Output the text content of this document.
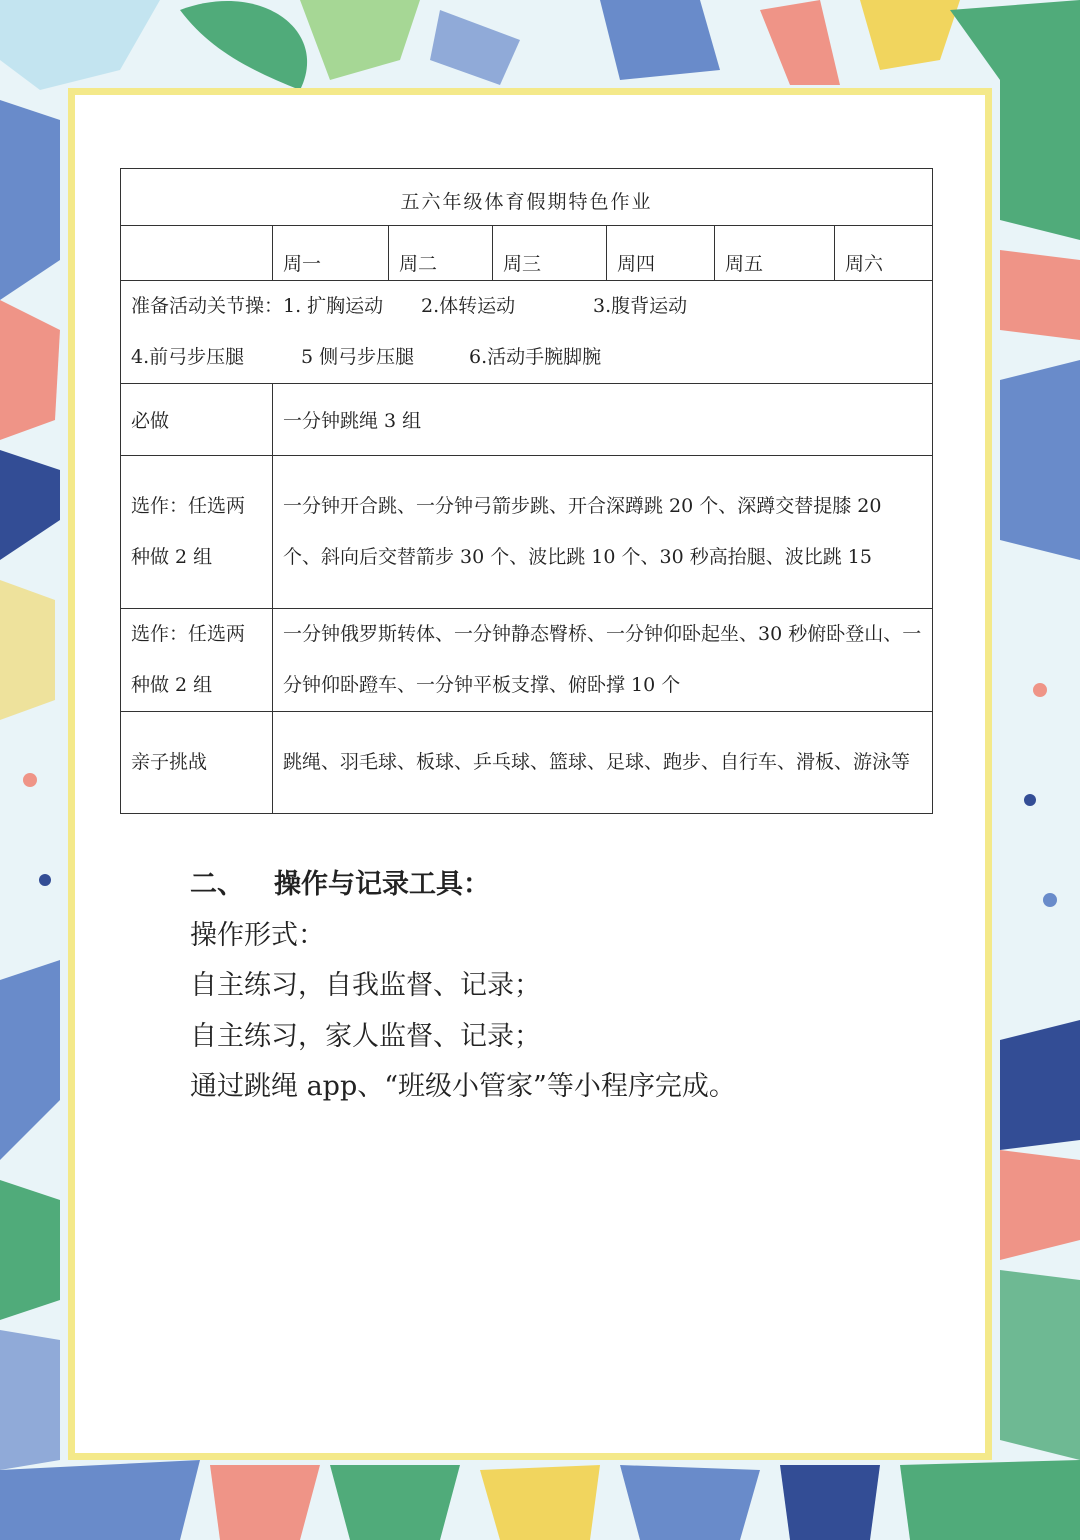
五六年级体育假期特色作业						
	周一	周二	周三	周四	周五	周六

准备活动关节操：1. 扩胸运动 2.体转运动 3.腹背运动
4.前弓步压腿 5 侧弓步压腿 6.活动手腕脚腕						

必做	一分钟跳绳 3 组					
选作：任选两种做 2 组	一分钟开合跳、一分钟弓箭步跳、开合深蹲跳 20 个、深蹲交替提膝 20 个、斜向后交替箭步 30 个、波比跳 10 个、30 秒高抬腿、波比跳 15					
选作：任选两种做 2 组	一分钟俄罗斯转体、一分钟静态臀桥、一分钟仰卧起坐、30 秒俯卧登山、一分钟仰卧蹬车、一分钟平板支撑、俯卧撑 10 个					
亲子挑战	跳绳、羽毛球、板球、乒乓球、篮球、足球、跑步、自行车、滑板、游泳等					
二、 操作与记录工具：
操作形式：
自主练习，自我监督、记录；
自主练习，家人监督、记录；
通过跳绳 app、“班级小管家”等小程序完成。
